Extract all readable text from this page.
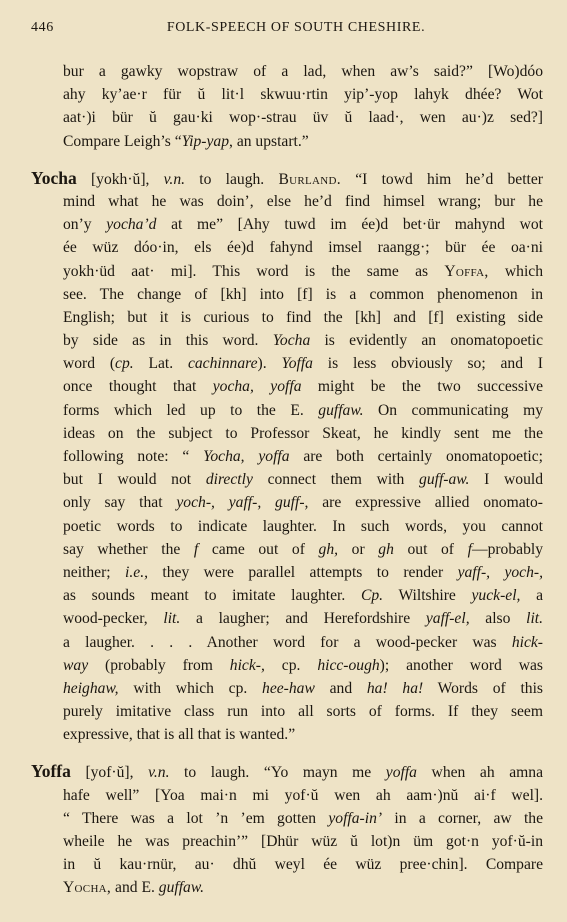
446	FOLK-SPEECH OF SOUTH CHESHIRE.
bur a gawky wopstraw of a lad, when aw’s said?” [Wo)dóo
ahy ky’ae·r für ŭ lit·l skwuu·rtin yip’-yop lahyk dhée? Wot
aat·)i bür ŭ gau·ki wop·-strau üv ŭ laad·, wen au·)z sed?]
Compare Leigh’s “Yip-yap, an upstart.”
Yocha [yokh·ŭ], v.n. to laugh. Burland. “I towd him he’d better
mind what he was doin’, else he’d find himsel wrang; bur he
on’y yocha’d at me” [Ahy tuwd im ée)d bet·ür mahynd wot
ée wüz dóo·in, els ée)d fahynd imsel raangg·; bür ée oa·ni
yokh·üd aat· mi]. This word is the same as Yoffa, which
see. The change of [kh] into [f] is a common phenomenon in
English; but it is curious to find the [kh] and [f] existing side
by side as in this word. Yocha is evidently an onomatopoetic
word (cp. Lat. cachinnare). Yoffa is less obviously so; and I
once thought that yocha, yoffa might be the two successive
forms which led up to the E. guffaw. On communicating my
ideas on the subject to Professor Skeat, he kindly sent me the
following note: “ Yocha, yoffa are both certainly onomatopoetic;
but I would not directly connect them with guff-aw. I would
only say that yoch-, yaff-, guff-, are expressive allied onomato-
poetic words to indicate laughter. In such words, you cannot
say whether the f came out of gh, or gh out of f—probably
neither; i.e., they were parallel attempts to render yaff-, yoch-,
as sounds meant to imitate laughter. Cp. Wiltshire yuck-el, a
wood-pecker, lit. a laugher; and Herefordshire yaff-el, also lit.
a laugher. . . . Another word for a wood-pecker was hick-
way (probably from hick-, cp. hicc-ough); another word was
heighaw, with which cp. hee-haw and ha! ha! Words of this
purely imitative class run into all sorts of forms. If they seem
expressive, that is all that is wanted.”
Yoffa [yof·ŭ], v.n. to laugh. “Yo mayn me yoffa when ah amna
hafe well” [Yoa mai·n mi yof·ŭ wen ah aam·)nŭ ai·f wel].
“ There was a lot ’n ’em gotten yoffa-in’ in a corner, aw the
wheile he was preachin’” [Dhür wüz ŭ lot)n üm got·n yof·ŭ-in
in ŭ kau·rnür, au· dhŭ weyl ée wüz pree·chin]. Compare
Yocha, and E. guffaw.
